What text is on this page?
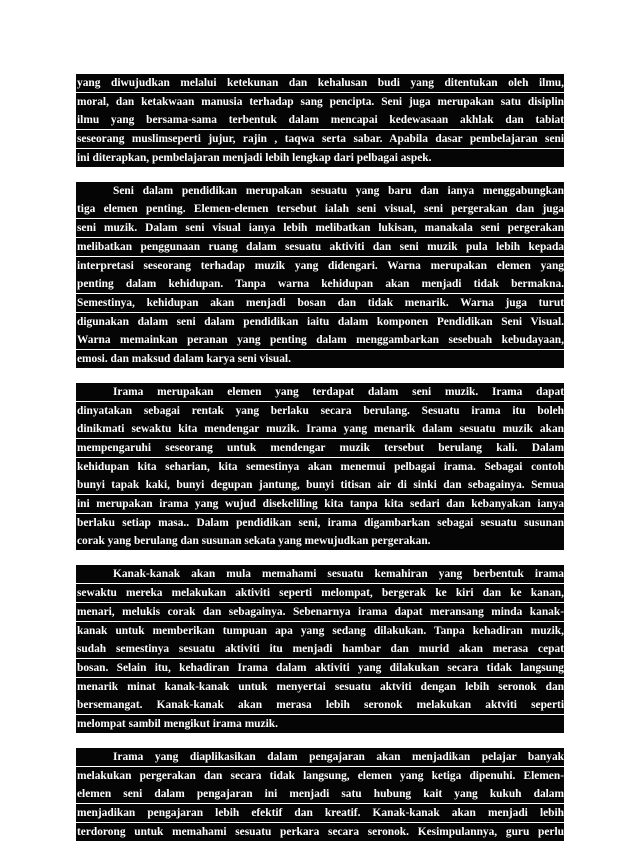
yang diwujudkan melalui ketekunan dan kehalusan budi yang ditentukan oleh ilmu,
moral, dan ketakwaan manusia terhadap sang pencipta. Seni juga merupakan satu disiplin
ilmu yang bersama-sama terbentuk dalam mencapai kedewasaan akhlak dan tabiat
seseorang muslimseperti jujur, rajin , taqwa serta sabar. Apabila dasar pembelajaran seni
ini diterapkan, pembelajaran menjadi lebih lengkap dari pelbagai aspek.
Seni dalam pendidikan merupakan sesuatu yang baru dan ianya menggabungkan
tiga elemen penting. Elemen-elemen tersebut ialah seni visual, seni pergerakan dan juga
seni muzik. Dalam seni visual ianya lebih melibatkan lukisan, manakala seni pergerakan
melibatkan penggunaan ruang dalam sesuatu aktiviti dan seni muzik pula lebih kepada
interpretasi seseorang terhadap muzik yang didengari. Warna merupakan elemen yang
penting dalam kehidupan. Tanpa warna kehidupan akan menjadi tidak bermakna.
Semestinya, kehidupan akan menjadi bosan dan tidak menarik. Warna juga turut
digunakan dalam seni dalam pendidikan iaitu dalam komponen Pendidikan Seni Visual.
Warna memainkan peranan yang penting dalam menggambarkan sesebuah kebudayaan,
emosi. dan maksud dalam karya seni visual.
Irama merupakan elemen yang terdapat dalam seni muzik. Irama dapat
dinyatakan sebagai rentak yang berlaku secara berulang. Sesuatu irama itu boleh
dinikmati sewaktu kita mendengar muzik. Irama yang menarik dalam sesuatu muzik akan
mempengaruhi seseorang untuk mendengar muzik tersebut berulang kali. Dalam
kehidupan kita seharian, kita semestinya akan menemui pelbagai irama. Sebagai contoh
bunyi tapak kaki, bunyi degupan jantung, bunyi titisan air di sinki dan sebagainya. Semua
ini merupakan irama yang wujud disekeliling kita tanpa kita sedari dan kebanyakan ianya
berlaku setiap masa.. Dalam pendidikan seni, irama digambarkan sebagai sesuatu susunan
corak yang berulang dan susunan sekata yang mewujudkan pergerakan.
Kanak-kanak akan mula memahami sesuatu kemahiran yang berbentuk irama
sewaktu mereka melakukan aktiviti seperti melompat, bergerak ke kiri dan ke kanan,
menari, melukis corak dan sebagainya. Sebenarnya irama dapat meransang minda kanak-
kanak untuk memberikan tumpuan apa yang sedang dilakukan. Tanpa kehadiran muzik,
sudah semestinya sesuatu aktiviti itu menjadi hambar dan murid akan merasa cepat
bosan. Selain itu, kehadiran Irama dalam aktiviti yang dilakukan secara tidak langsung
menarik minat kanak-kanak untuk menyertai sesuatu aktviti dengan lebih seronok dan
bersemangat. Kanak-kanak akan merasa lebih seronok melakukan aktviti seperti
melompat sambil mengikut irama muzik.
Irama yang diaplikasikan dalam pengajaran akan menjadikan pelajar banyak
melakukan pergerakan dan secara tidak langsung, elemen yang ketiga dipenuhi. Elemen-
elemen seni dalam pengajaran ini menjadi satu hubung kait yang kukuh dalam
menjadikan pengajaran lebih efektif dan kreatif. Kanak-kanak akan menjadi lebih
terdorong untuk memahami sesuatu perkara secara seronok. Kesimpulannya, guru perlu
